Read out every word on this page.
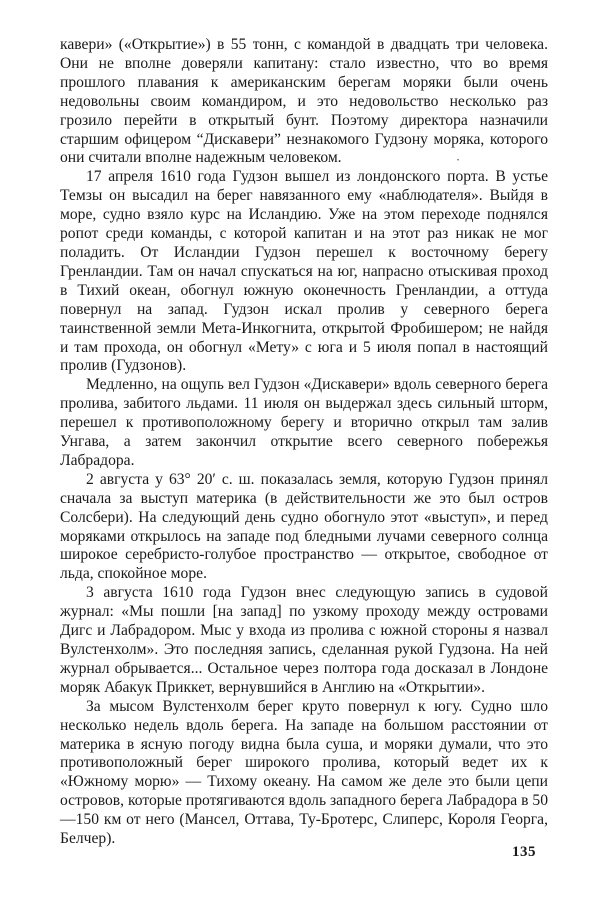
кавери» («Открытие») в 55 тонн, с командой в двадцать три человека. Они не вполне доверяли капитану: стало известно, что во время прошлого плавания к американским берегам моряки были очень недовольны своим командиром, и это недовольство несколько раз грозило перейти в открытый бунт. Поэтому директора назначили старшим офицером “Дискавери” незнакомого Гудзону моряка, которого они считали вполне надежным человеком.

17 апреля 1610 года Гудзон вышел из лондонского порта. В устье Темзы он высадил на берег навязанного ему «наблюдателя». Выйдя в море, судно взяло курс на Исландию. Уже на этом переходе поднялся ропот среди команды, с которой капитан и на этот раз никак не мог поладить. От Исландии Гудзон перешел к восточному берегу Гренландии. Там он начал спускаться на юг, напрасно отыскивая проход в Тихий океан, обогнул южную оконечность Гренландии, а оттуда повернул на запад. Гудзон искал пролив у северного берега таинственной земли Мета-Инкогнита, открытой Фробишером; не найдя и там прохода, он обогнул «Мету» с юга и 5 июля попал в настоящий пролив (Гудзонов).

Медленно, на ощупь вел Гудзон «Дискавери» вдоль северного берега пролива, забитого льдами. 11 июля он выдержал здесь сильный шторм, перешел к противоположному берегу и вторично открыл там залив Унгава, а затем закончил открытие всего северного побережья Лабрадора.

2 августа у 63° 20′ с. ш. показалась земля, которую Гудзон принял сначала за выступ материка (в действительности же это был остров Солсбери). На следующий день судно обогнуло этот «выступ», и перед моряками открылось на западе под бледными лучами северного солнца широкое серебристо-голубое пространство — открытое, свободное от льда, спокойное море.

3 августа 1610 года Гудзон внес следующую запись в судовой журнал: «Мы пошли [на запад] по узкому проходу между островами Дигс и Лабрадором. Мыс у входа из пролива с южной стороны я назвал Вулстенхолм». Это последняя запись, сделанная рукой Гудзона. На ней журнал обрывается... Остальное через полтора года досказал в Лондоне моряк Абакук Приккет, вернувшийся в Англию на «Открытии».

За мысом Вулстенхолм берег круто повернул к югу. Судно шло несколько недель вдоль берега. На западе на большом расстоянии от материка в ясную погоду видна была суша, и моряки думали, что это противоположный берег широкого пролива, который ведет их к «Южному морю» — Тихому океану. На самом же деле это были цепи островов, которые протягиваются вдоль западного берега Лабрадора в 50—150 км от него (Мансел, Оттава, Ту-Бротерс, Слиперс, Короля Георга, Белчер).

•
135
